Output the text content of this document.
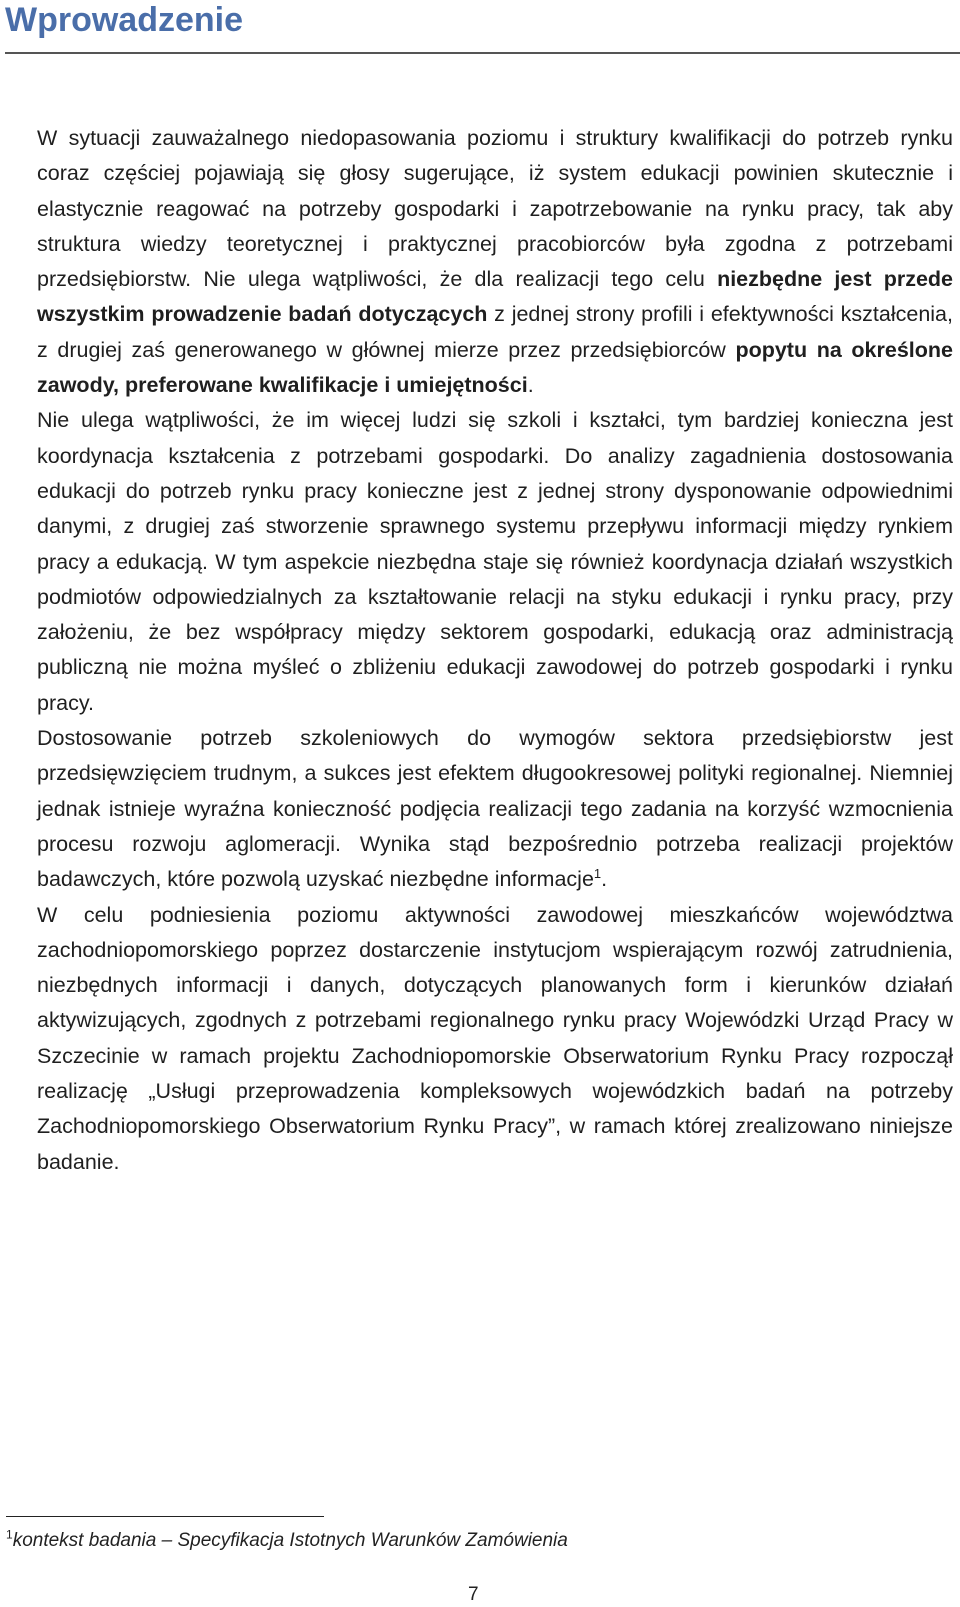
Wprowadzenie

W sytuacji zauważalnego niedopasowania poziomu i struktury kwalifikacji do potrzeb rynku coraz częściej pojawiają się głosy sugerujące, iż system edukacji powinien skutecznie i elastycznie reagować na potrzeby gospodarki i zapotrzebowanie na rynku pracy, tak aby struktura wiedzy teoretycznej i praktycznej pracobiorców była zgodna z potrzebami przedsiębiorstw. Nie ulega wątpliwości, że dla realizacji tego celu niezbędne jest przede wszystkim prowadzenie badań dotyczących z jednej strony profili i efektywności kształcenia, z drugiej zaś generowanego w głównej mierze przez przedsiębiorców popytu na określone zawody, preferowane kwalifikacje i umiejętności.

Nie ulega wątpliwości, że im więcej ludzi się szkoli i kształci, tym bardziej konieczna jest koordynacja kształcenia z potrzebami gospodarki. Do analizy zagadnienia dostosowania edukacji do potrzeb rynku pracy konieczne jest z jednej strony dysponowanie odpowiednimi danymi, z drugiej zaś stworzenie sprawnego systemu przepływu informacji między rynkiem pracy a edukacją. W tym aspekcie niezbędna staje się również koordynacja działań wszystkich podmiotów odpowiedzialnych za kształtowanie relacji na styku edukacji i rynku pracy, przy założeniu, że bez współpracy między sektorem gospodarki, edukacją oraz administracją publiczną nie można myśleć o zbliżeniu edukacji zawodowej do potrzeb gospodarki i rynku pracy.

Dostosowanie potrzeb szkoleniowych do wymogów sektora przedsiębiorstw jest przedsięwzięciem trudnym, a sukces jest efektem długookresowej polityki regionalnej. Niemniej jednak istnieje wyraźna konieczność podjęcia realizacji tego zadania na korzyść wzmocnienia procesu rozwoju aglomeracji. Wynika stąd bezpośrednio potrzeba realizacji projektów badawczych, które pozwolą uzyskać niezbędne informacje$^1$.

W celu podniesienia poziomu aktywności zawodowej mieszkańców województwa zachodniopomorskiego poprzez dostarczenie instytucjom wspierającym rozwój zatrudnienia, niezbędnych informacji i danych, dotyczących planowanych form i kierunków działań aktywizujących, zgodnych z potrzebami regionalnego rynku pracy Wojewódzki Urząd Pracy w Szczecinie w ramach projektu Zachodniopomorskie Obserwatorium Rynku Pracy rozpoczął realizację „Usługi przeprowadzenia kompleksowych wojewódzkich badań na potrzeby Zachodniopomorskiego Obserwatorium Rynku Pracy”, w ramach której zrealizowano niniejsze badanie.

$^1$kontekst badania – Specyfikacja Istotnych Warunków Zamówienia
7
